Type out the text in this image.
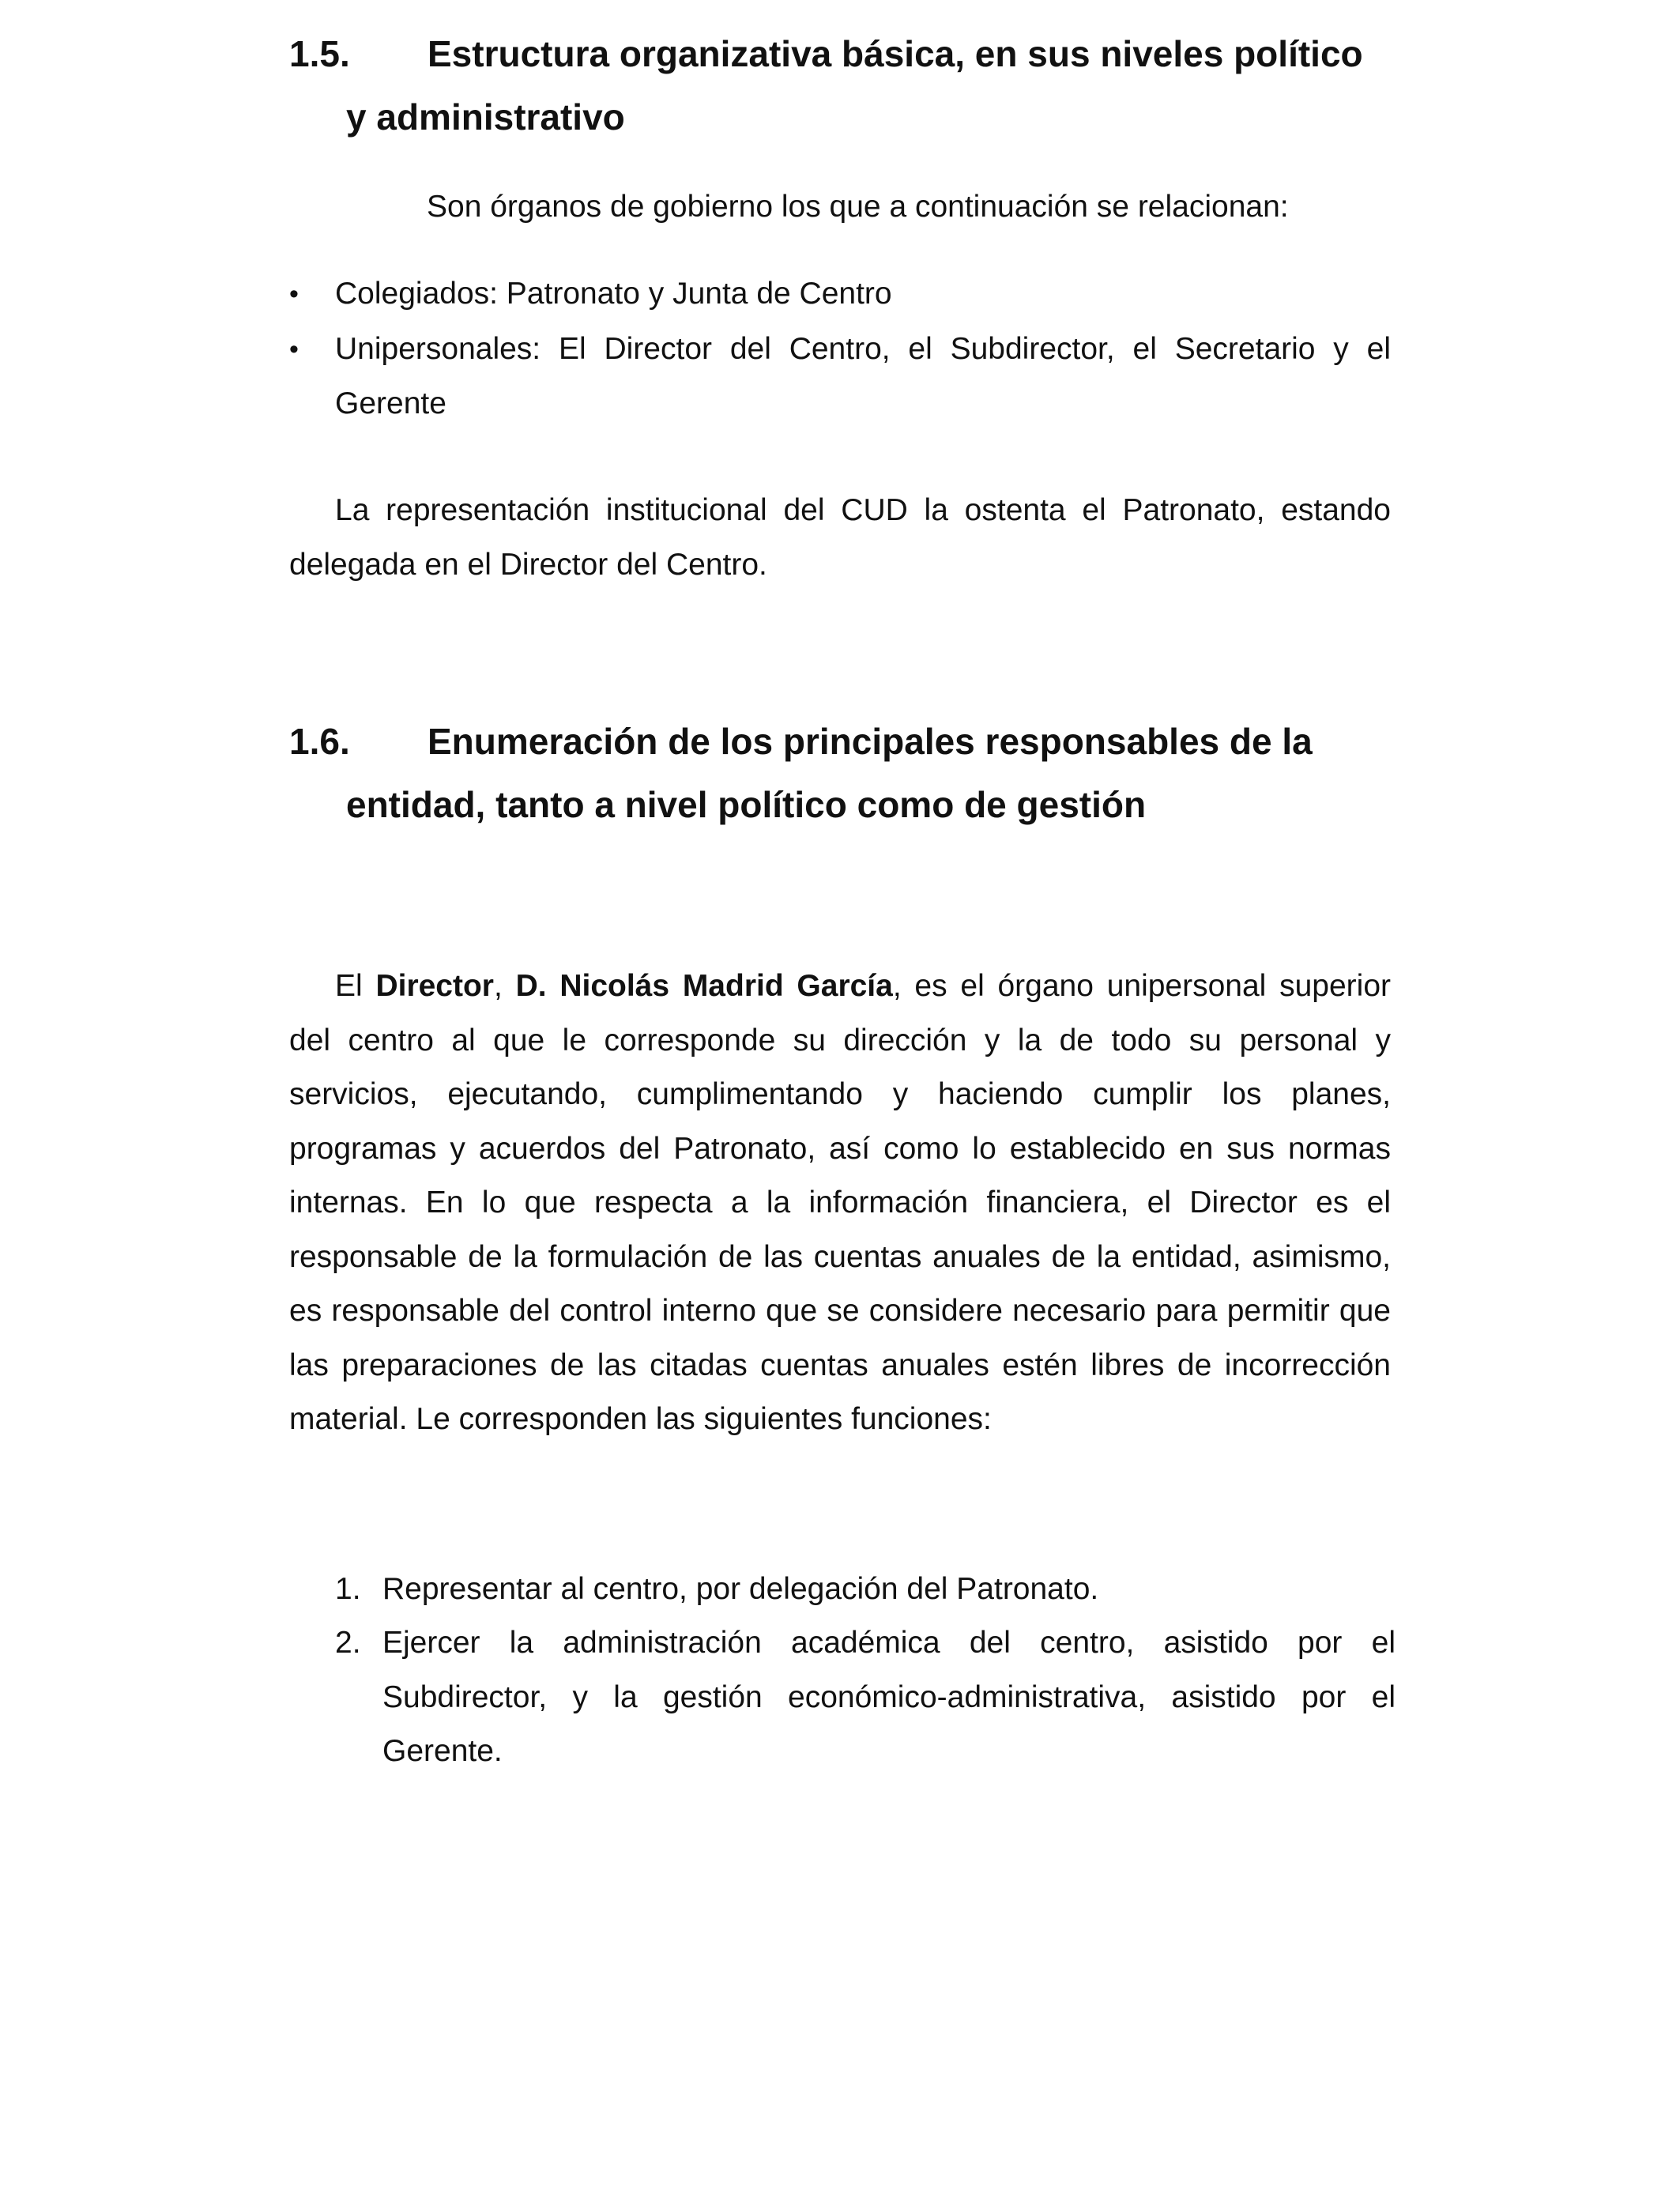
1.5. Estructura organizativa básica, en sus niveles político
y administrativo
Son órganos de gobierno los que a continuación se relacionan:
•	Colegiados: Patronato y Junta de Centro
•	Unipersonales: El Director del Centro, el Subdirector, el Secretario y el Gerente
La representación institucional del CUD la ostenta el Patronato, estando delegada en el Director del Centro.
1.6. Enumeración de los principales responsables de la
entidad, tanto a nivel político como de gestión
El Director, D. Nicolás Madrid García, es el órgano unipersonal superior del centro al que le corresponde su dirección y la de todo su personal y servicios, ejecutando, cumplimentando y haciendo cumplir los planes, programas y acuerdos del Patronato, así como lo establecido en sus normas internas. En lo que respecta a la información financiera, el Director es el responsable de la formulación de las cuentas anuales de la entidad, asimismo, es responsable del control interno que se considere necesario para permitir que las preparaciones de las citadas cuentas anuales estén libres de incorrección material. Le corresponden las siguientes funciones:
1. Representar al centro, por delegación del Patronato.
2. Ejercer la administración académica del centro, asistido por el Subdirector, y la gestión económico-administrativa, asistido por el Gerente.
